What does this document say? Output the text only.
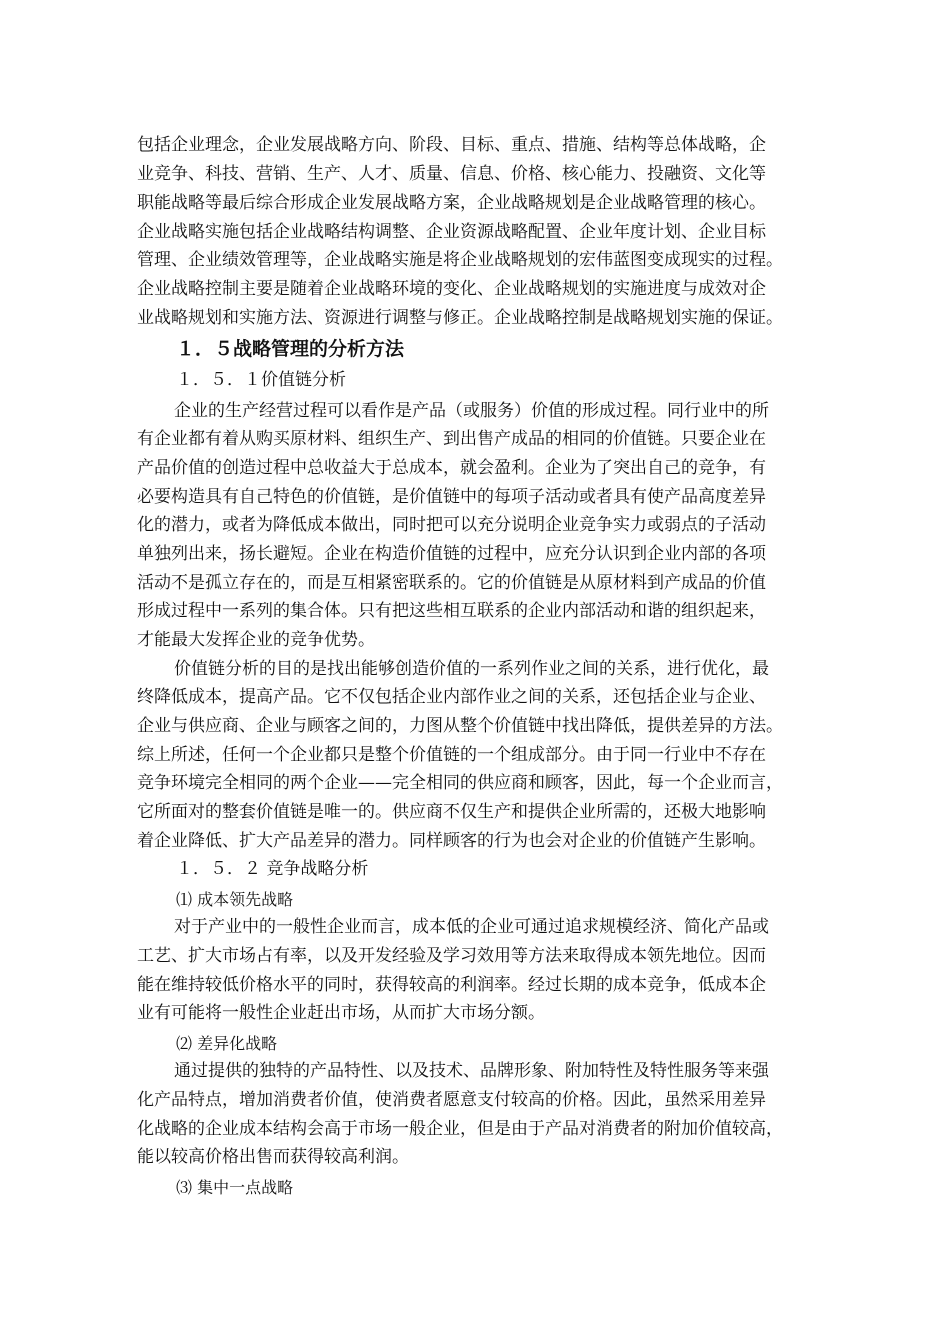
包括企业理念，企业发展战略方向、阶段、目标、重点、措施、结构等总体战略，企
业竞争、科技、营销、生产、人才、质量、信息、价格、核心能力、投融资、文化等
职能战略等最后综合形成企业发展战略方案，企业战略规划是企业战略管理的核心。
企业战略实施包括企业战略结构调整、企业资源战略配置、企业年度计划、企业目标
管理、企业绩效管理等，企业战略实施是将企业战略规划的宏伟蓝图变成现实的过程。
企业战略控制主要是随着企业战略环境的变化、企业战略规划的实施进度与成效对企
业战略规划和实施方法、资源进行调整与修正。企业战略控制是战略规划实施的保证。
１．５战略管理的分析方法
１．５．１价值链分析
企业的生产经营过程可以看作是产品（或服务）价值的形成过程。同行业中的所
有企业都有着从购买原材料、组织生产、到出售产成品的相同的价值链。只要企业在
产品价值的创造过程中总收益大于总成本，就会盈利。企业为了突出自己的竞争，有
必要构造具有自己特色的价值链，是价值链中的每项子活动或者具有使产品高度差异
化的潜力，或者为降低成本做出，同时把可以充分说明企业竞争实力或弱点的子活动
单独列出来，扬长避短。企业在构造价值链的过程中，应充分认识到企业内部的各项
活动不是孤立存在的，而是互相紧密联系的。它的价值链是从原材料到产成品的价值
形成过程中一系列的集合体。只有把这些相互联系的企业内部活动和谐的组织起来，
才能最大发挥企业的竞争优势。
价值链分析的目的是找出能够创造价值的一系列作业之间的关系，进行优化，最
终降低成本，提高产品。它不仅包括企业内部作业之间的关系，还包括企业与企业、
企业与供应商、企业与顾客之间的，力图从整个价值链中找出降低，提供差异的方法。
综上所述，任何一个企业都只是整个价值链的一个组成部分。由于同一行业中不存在
竞争环境完全相同的两个企业——完全相同的供应商和顾客，因此，每一个企业而言，
它所面对的整套价值链是唯一的。供应商不仅生产和提供企业所需的，还极大地影响
着企业降低、扩大产品差异的潜力。同样顾客的行为也会对企业的价值链产生影响。
１．５．２ 竞争战略分析
⑴ 成本领先战略
对于产业中的一般性企业而言，成本低的企业可通过追求规模经济、简化产品或
工艺、扩大市场占有率，以及开发经验及学习效用等方法来取得成本领先地位。因而
能在维持较低价格水平的同时，获得较高的利润率。经过长期的成本竞争，低成本企
业有可能将一般性企业赶出市场，从而扩大市场分额。
⑵ 差异化战略
通过提供的独特的产品特性、以及技术、品牌形象、附加特性及特性服务等来强
化产品特点，增加消费者价值，使消费者愿意支付较高的价格。因此，虽然采用差异
化战略的企业成本结构会高于市场一般企业，但是由于产品对消费者的附加价值较高，
能以较高价格出售而获得较高利润。
⑶ 集中一点战略
